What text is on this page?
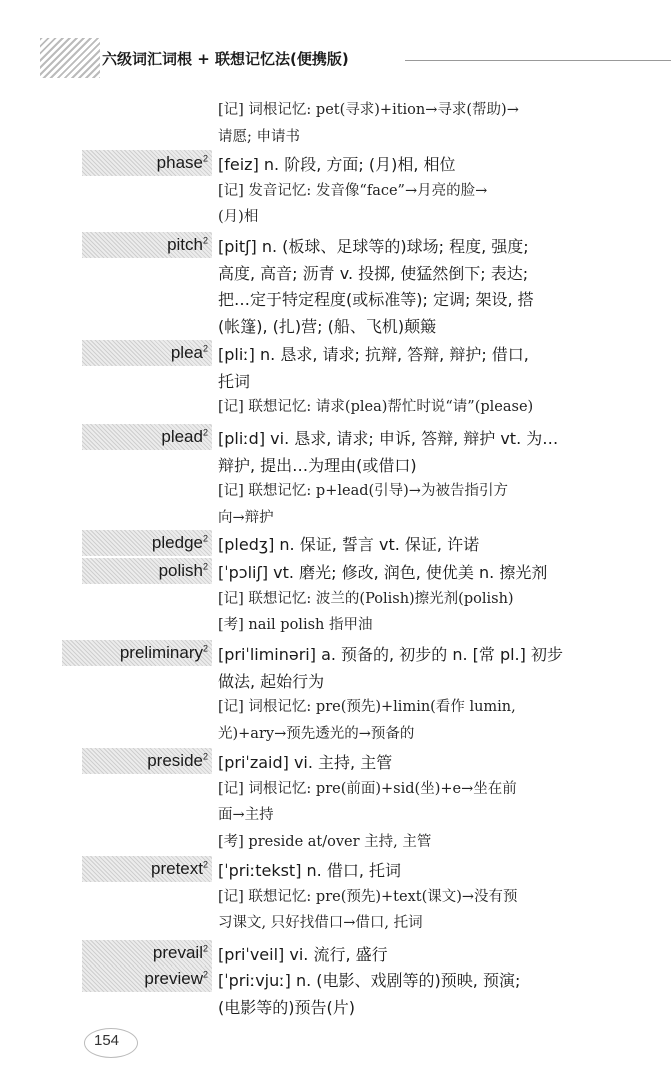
六级词汇词根 + 联想记忆法(便携版)
[记] 词根记忆: pet(寻求)+ition→寻求(帮助)→
请愿; 申请书
phase$^2$ [feiz] n. 阶段, 方面; (月)相, 相位
[记] 发音记忆: 发音像“face”→月亮的脸→
(月)相
pitch$^2$ [pitʃ] n. (板球、足球等的)球场; 程度, 强度;
高度, 高音; 沥青 v. 投掷, 使猛然倒下; 表达;
把…定于特定程度(或标准等); 定调; 架设, 搭
(帐篷), (扎)营; (船、飞机)颠簸
plea$^2$ [pliː] n. 恳求, 请求; 抗辩, 答辩, 辩护; 借口,
托词
[记] 联想记忆: 请求(plea)帮忙时说“请”(please)
plead$^2$ [pliːd] vi. 恳求, 请求; 申诉, 答辩, 辩护 vt. 为…
辩护, 提出…为理由(或借口)
[记] 联想记忆: p+lead(引导)→为被告指引方
向→辩护
pledge$^2$ [pledʒ] n. 保证, 誓言 vt. 保证, 许诺
polish$^2$ [ˈpɔliʃ] vt. 磨光; 修改, 润色, 使优美 n. 擦光剂
[记] 联想记忆: 波兰的(Polish)擦光剂(polish)
[考] nail polish 指甲油
preliminary$^2$ [priˈliminəri] a. 预备的, 初步的 n. [常 pl.] 初步
做法, 起始行为
[记] 词根记忆: pre(预先)+limin(看作 lumin,
光)+ary→预先透光的→预备的
preside$^2$ [priˈzaid] vi. 主持, 主管
[记] 词根记忆: pre(前面)+sid(坐)+e→坐在前
面→主持
[考] preside at/over 主持, 主管
pretext$^2$ [ˈpriːtekst] n. 借口, 托词
[记] 联想记忆: pre(预先)+text(课文)→没有预
习课文, 只好找借口→借口, 托词
prevail$^2$ [priˈveil] vi. 流行, 盛行
preview$^2$ [ˈpriːvjuː] n. (电影、戏剧等的)预映, 预演;
(电影等的)预告(片)
154
